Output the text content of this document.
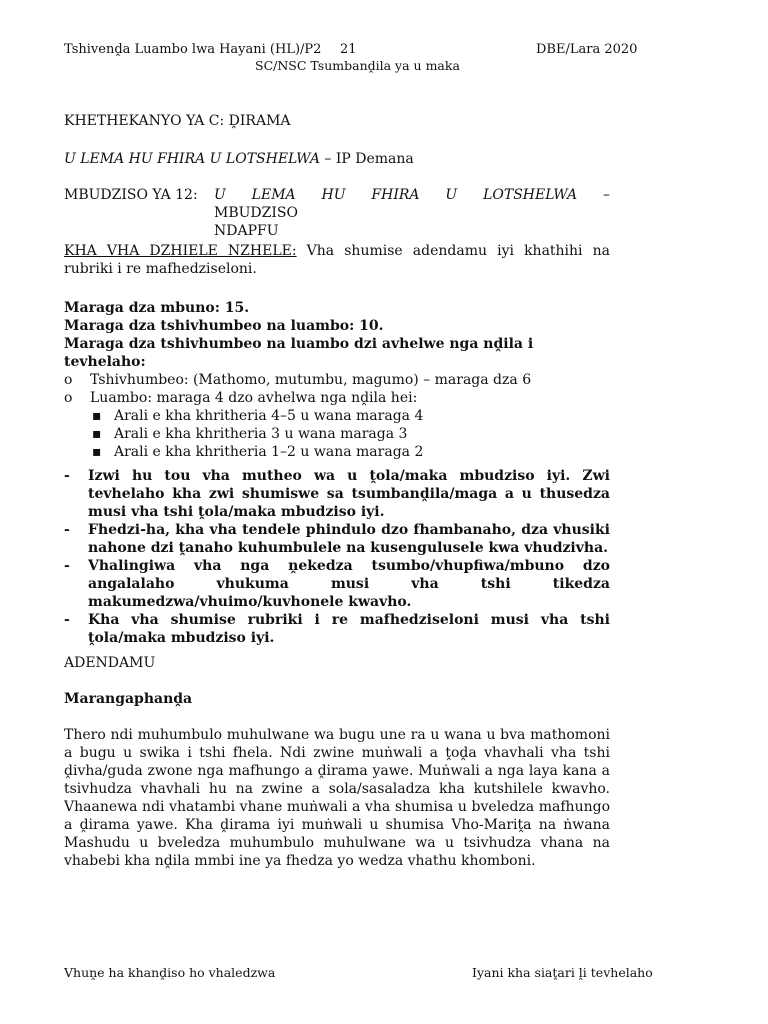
Tshivenḓa Luambo lwa Hayani (HL)/P2 21	DBE/Lara 2020
SC/NSC Tsumbanḓila ya u maka
KHETHEKANYO YA C: ḒIRAMA
U LEMA HU FHIRA U LOTSHELWA – IP Demana
MBUDZISO YA 12:	U LEMA HU FHIRA U LOTSHELWA – MBUDZISO
NDAPFU
KHA VHA DZHIELE NZHELE: Vha shumise adendamu iyi khathihi na rubriki i re mafhedziseloni.
Maraga dza mbuno: 15.
Maraga dza tshivhumbeo na luambo: 10.
Maraga dza tshivhumbeo na luambo dzi avhelwe nga nḓila i tevhelaho:
o	Tshivhumbeo: (Mathomo, mutumbu, magumo) – maraga dza 6
o	Luambo: maraga 4 dzo avhelwa nga nḓila hei:
▪ Arali e kha khritheria 4–5 u wana maraga 4
▪ Arali e kha khritheria 3 u wana maraga 3
▪ Arali e kha khritheria 1–2 u wana maraga 2
-	Izwi hu tou vha mutheo wa u ṱola/maka mbudziso iyi. Zwi tevhelaho kha zwi shumiswe sa tsumbanḓila/maga a u thusedza musi vha tshi ṱola/maka mbudziso iyi.
-	Fhedzi-ha, kha vha tendele phindulo dzo fhambanaho, dza vhusiki nahone dzi ṱanaho kuhumbulele na kusengulusele kwa vhudzivha.
-	Vhalingiwa vha nga ṋekedza tsumbo/vhupfiwa/mbuno dzo angalalaho vhukuma musi vha tshi tikedza makumedzwa/vhuimo/kuvhonele kwavho.
-	Kha vha shumise rubriki i re mafhedziseloni musi vha tshi ṱola/maka mbudziso iyi.
ADENDAMU
Marangaphanḓa
Thero ndi muhumbulo muhulwane wa bugu une ra u wana u bva mathomoni a bugu u swika i tshi fhela. Ndi zwine muṅwali a ṱoḓa vhavhali vha tshi ḓivha/guda zwone nga mafhungo a ḓirama yawe. Muṅwali a nga laya kana a tsivhudza vhavhali hu na zwine a sola/sasaladza kha kutshilele kwavho. Vhaanewa ndi vhatambi vhane muṅwali a vha shumisa u bveledza mafhungo a ḓirama yawe. Kha ḓirama iyi muṅwali u shumisa Vho-Mariṱa na ṅwana Mashudu u bveledza muhumbulo muhulwane wa u tsivhudza vhana na vhabebi kha nḓila mmbi ine ya fhedza yo wedza vhathu khomboni.
Vhuṋe ha khanḓiso ho vhaledzwa	Iyani kha siaṱari ḽi tevhelaho
